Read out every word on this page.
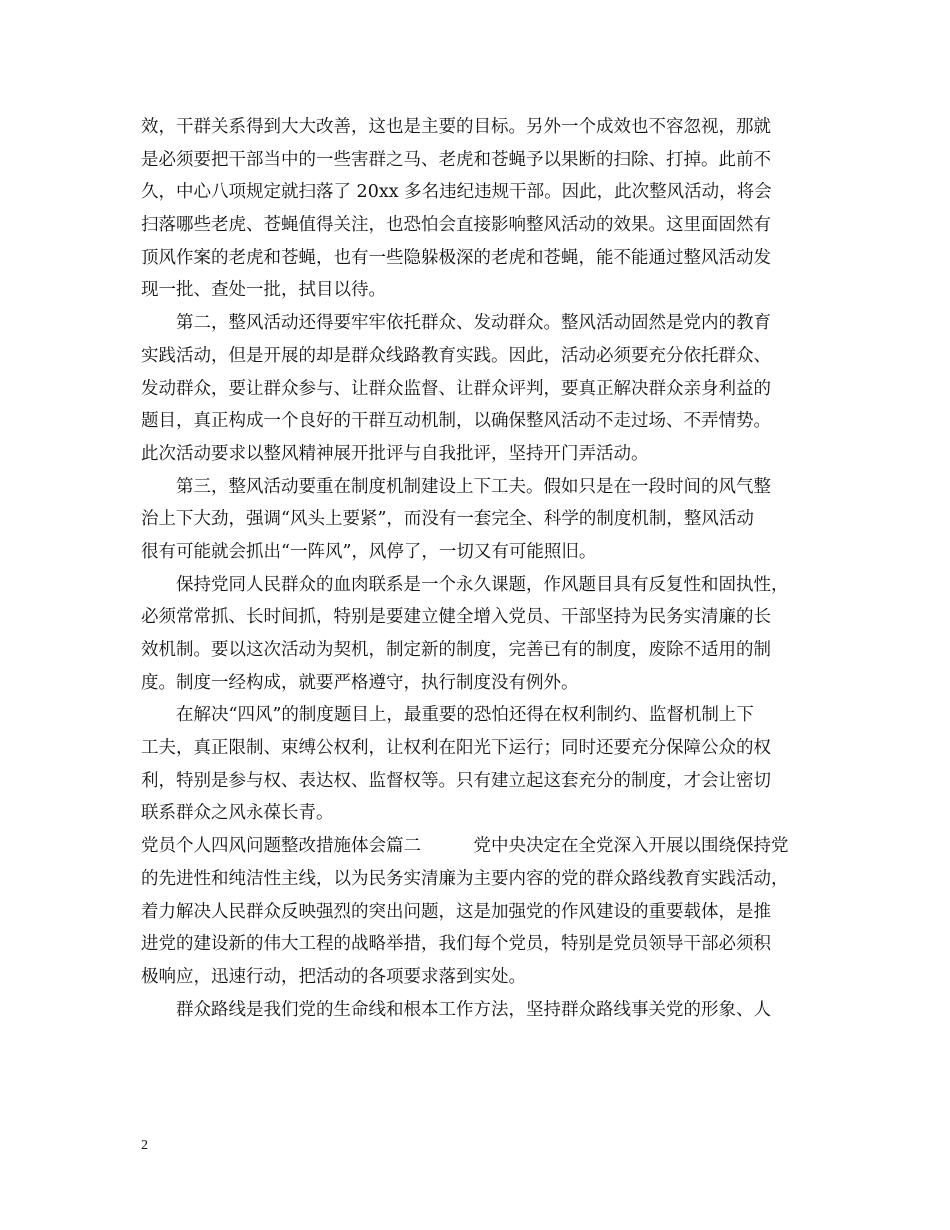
效，干群关系得到大大改善，这也是主要的目标。另外一个成效也不容忽视，那就
是必须要把干部当中的一些害群之马、老虎和苍蝇予以果断的扫除、打掉。此前不
久，中心八项规定就扫落了 20xx 多名违纪违规干部。因此，此次整风活动，将会
扫落哪些老虎、苍蝇值得关注，也恐怕会直接影响整风活动的效果。这里面固然有
顶风作案的老虎和苍蝇，也有一些隐躲极深的老虎和苍蝇，能不能通过整风活动发
现一批、查处一批，拭目以待。
　　第二，整风活动还得要牢牢依托群众、发动群众。整风活动固然是党内的教育
实践活动，但是开展的却是群众线路教育实践。因此，活动必须要充分依托群众、
发动群众，要让群众参与、让群众监督、让群众评判，要真正解决群众亲身利益的
题目，真正构成一个良好的干群互动机制，以确保整风活动不走过场、不弄情势。
此次活动要求以整风精神展开批评与自我批评，坚持开门弄活动。
　　第三，整风活动要重在制度机制建设上下工夫。假如只是在一段时间的风气整
治上下大劲，强调“风头上要紧”，而没有一套完全、科学的制度机制，整风活动
很有可能就会抓出“一阵风”，风停了，一切又有可能照旧。
　　保持党同人民群众的血肉联系是一个永久课题，作风题目具有反复性和固执性，
必须常常抓、长时间抓，特别是要建立健全增入党员、干部坚持为民务实清廉的长
效机制。要以这次活动为契机，制定新的制度，完善已有的制度，废除不适用的制
度。制度一经构成，就要严格遵守，执行制度没有例外。
　　在解决“四风”的制度题目上，最重要的恐怕还得在权利制约、监督机制上下
工夫，真正限制、束缚公权利，让权利在阳光下运行；同时还要充分保障公众的权
利，特别是参与权、表达权、监督权等。只有建立起这套充分的制度，才会让密切
联系群众之风永葆长青。
党员个人四风问题整改措施体会篇二　　　党中央决定在全党深入开展以围绕保持党
的先进性和纯洁性主线，以为民务实清廉为主要内容的党的群众路线教育实践活动，
着力解决人民群众反映强烈的突出问题，这是加强党的作风建设的重要载体，是推
进党的建设新的伟大工程的战略举措，我们每个党员，特别是党员领导干部必须积
极响应，迅速行动，把活动的各项要求落到实处。
　　群众路线是我们党的生命线和根本工作方法，坚持群众路线事关党的形象、人
2
